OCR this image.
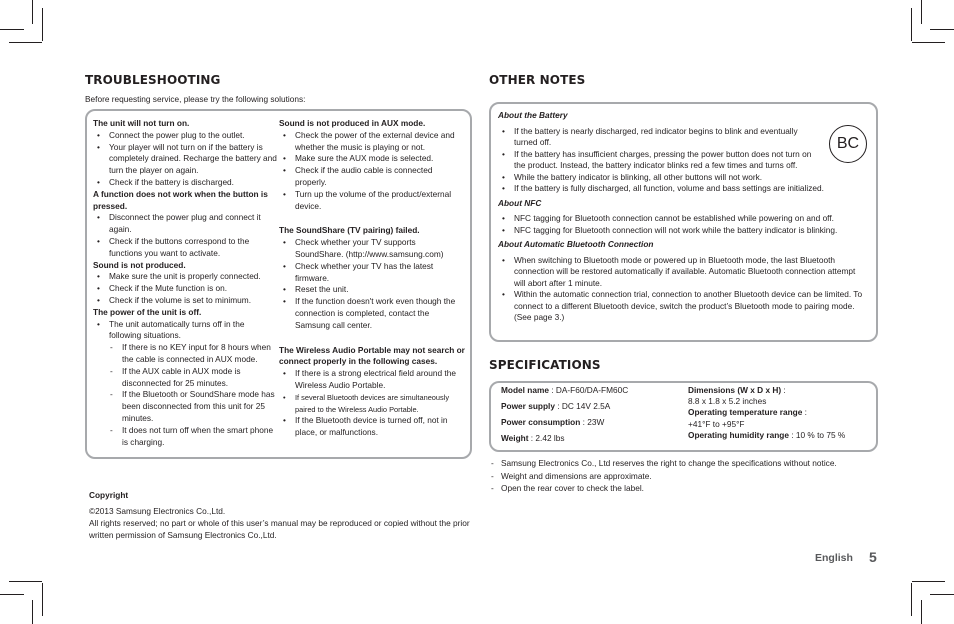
TROUBLESHOOTING
Before requesting service, please try the following solutions:
The unit will not turn on.
• Connect the power plug to the outlet.
• Your player will not turn on if the battery is completely drained. Recharge the battery and turn the player on again.
• Check if the battery is discharged.
A function does not work when the button is pressed.
• Disconnect the power plug and connect it again.
• Check if the buttons correspond to the functions you want to activate.
Sound is not produced.
• Make sure the unit is properly connected.
• Check if the Mute function is on.
• Check if the volume is set to minimum.
The power of the unit is off.
• The unit automatically turns off in the following situations.
- If there is no KEY input for 8 hours when the cable is connected in AUX mode.
- If the AUX cable in AUX mode is disconnected for 25 minutes.
- If the Bluetooth or SoundShare mode has been disconnected from this unit for 25 minutes.
- It does not turn off when the smart phone is charging.
Sound is not produced in AUX mode.
• Check the power of the external device and whether the music is playing or not.
• Make sure the AUX mode is selected.
• Check if the audio cable is connected properly.
• Turn up the volume of the product/external device.
The SoundShare (TV pairing) failed.
• Check whether your TV supports SoundShare. (http://www.samsung.com)
• Check whether your TV has the latest firmware.
• Reset the unit.
• If the function doesn't work even though the connection is completed, contact the Samsung call center.
The Wireless Audio Portable may not search or connect properly in the following cases.
• If there is a strong electrical field around the Wireless Audio Portable.
• If several Bluetooth devices are simultaneously paired to the Wireless Audio Portable.
• If the Bluetooth device is turned off, not in place, or malfunctions.
Copyright
©2013 Samsung Electronics Co.,Ltd.
All rights reserved; no part or whole of this user’s manual may be reproduced or copied without the prior written permission of Samsung Electronics Co.,Ltd.
OTHER NOTES
About the Battery
• If the battery is nearly discharged, red indicator begins to blink and eventually turned off.
• If the battery has insufficient charges, pressing the power button does not turn on the product. Instead, the battery indicator blinks red a few times and turns off.
• While the battery indicator is blinking, all other buttons will not work.
• If the battery is fully discharged, all function, volume and bass settings are initialized.
About NFC
• NFC tagging for Bluetooth connection cannot be established while powering on and off.
• NFC tagging for Bluetooth connection will not work while the battery indicator is blinking.
About Automatic Bluetooth Connection
• When switching to Bluetooth mode or powered up in Bluetooth mode, the last Bluetooth connection will be restored automatically if available. Automatic Bluetooth connection attempt will abort after 1 minute.
• Within the automatic connection trial, connection to another Bluetooth device can be limited. To connect to a different Bluetooth device, switch the product’s Bluetooth mode to pairing mode. (See page 3.)
BC
SPECIFICATIONS
Model name : DA-F60/DA-FM60C
Power supply : DC 14V 2.5A
Power consumption : 23W
Weight : 2.42 lbs
Dimensions (W x D x H) :
8.8 x 1.8 x 5.2 inches
Operating temperature range :
+41°F to +95°F
Operating humidity range : 10 % to 75 %
- Samsung Electronics Co., Ltd reserves the right to change the specifications without notice.
- Weight and dimensions are approximate.
- Open the rear cover to check the label.
English 5
